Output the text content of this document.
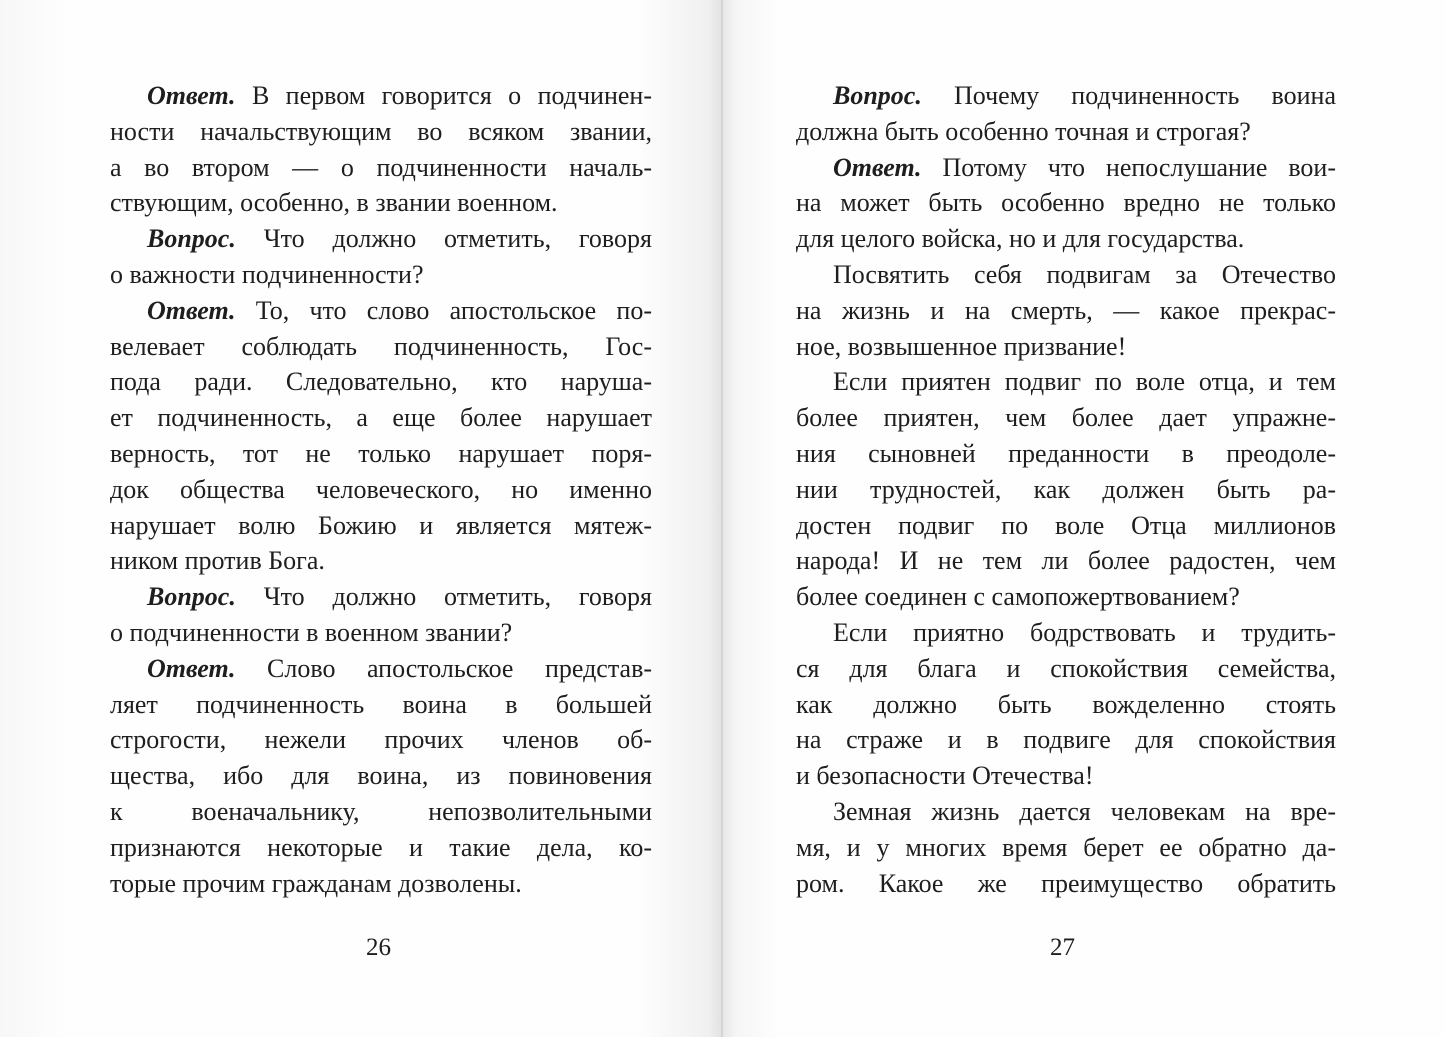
Ответ. В первом говорится о подчинен-
ности начальствующим во всяком звании,
а во втором — о подчиненности началь-
ствующим, особенно, в звании военном.
Вопрос. Что должно отметить, говоря
о важности подчиненности?
Ответ. То, что слово апостольское по-
велевает соблюдать подчиненность, Гос-
пода ради. Следовательно, кто наруша-
ет подчиненность, а еще более нарушает
верность, тот не только нарушает поря-
док общества человеческого, но именно
нарушает волю Божию и является мятеж-
ником против Бога.
Вопрос. Что должно отметить, говоря
о подчиненности в военном звании?
Ответ. Слово апостольское представ-
ляет подчиненность воина в большей
строгости, нежели прочих членов об-
щества, ибо для воина, из повиновения
к военачальнику, непозволительными
признаются некоторые и такие дела, ко-
торые прочим гражданам дозволены.
26
Вопрос. Почему подчиненность воина
должна быть особенно точная и строгая?
Ответ. Потому что непослушание вои-
на может быть особенно вредно не только
для целого войска, но и для государства.
Посвятить себя подвигам за Отечество
на жизнь и на смерть, — какое прекрас-
ное, возвышенное призвание!
Если приятен подвиг по воле отца, и тем
более приятен, чем более дает упражне-
ния сыновней преданности в преодоле-
нии трудностей, как должен быть ра-
достен подвиг по воле Отца миллионов
народа! И не тем ли более радостен, чем
более соединен с самопожертвованием?
Если приятно бодрствовать и трудить-
ся для блага и спокойствия семейства,
как должно быть вожделенно стоять
на страже и в подвиге для спокойствия
и безопасности Отечества!
Земная жизнь дается человекам на вре-
мя, и у многих время берет ее обратно да-
ром. Какое же преимущество обратить
27
